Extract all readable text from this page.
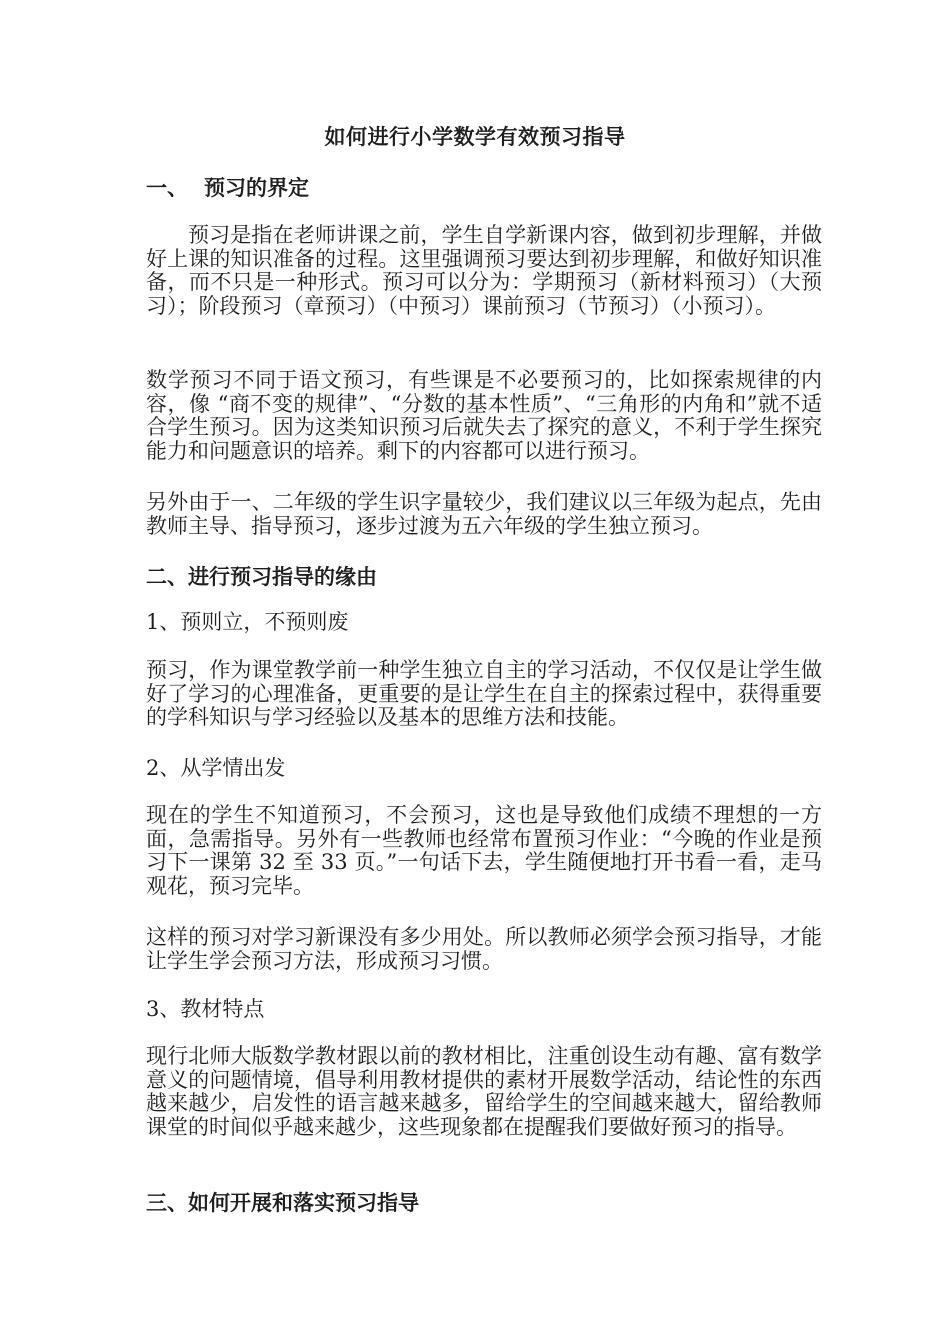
如何进行小学数学有效预习指导
一、 预习的界定
预习是指在老师讲课之前，学生自学新课内容，做到初步理解，并做好上课的知识准备的过程。这里强调预习要达到初步理解，和做好知识准备，而不只是一种形式。预习可以分为：学期预习（新材料预习）（大预习）；阶段预习（章预习）（中预习）课前预习（节预习）（小预习）。
数学预习不同于语文预习，有些课是不必要预习的，比如探索规律的内容，像 “商不变的规律”、“分数的基本性质”、“三角形的内角和”就不适合学生预习。因为这类知识预习后就失去了探究的意义，不利于学生探究能力和问题意识的培养。剩下的内容都可以进行预习。
另外由于一、二年级的学生识字量较少，我们建议以三年级为起点，先由教师主导、指导预习，逐步过渡为五六年级的学生独立预习。
二、进行预习指导的缘由
1、预则立，不预则废
预习，作为课堂教学前一种学生独立自主的学习活动，不仅仅是让学生做好了学习的心理准备，更重要的是让学生在自主的探索过程中，获得重要的学科知识与学习经验以及基本的思维方法和技能。
2、从学情出发
现在的学生不知道预习，不会预习，这也是导致他们成绩不理想的一方面，急需指导。另外有一些教师也经常布置预习作业：“今晚的作业是预习下一课第 32 至 33 页。”一句话下去，学生随便地打开书看一看，走马观花，预习完毕。
这样的预习对学习新课没有多少用处。所以教师必须学会预习指导，才能让学生学会预习方法，形成预习习惯。
3、教材特点
现行北师大版数学教材跟以前的教材相比，注重创设生动有趣、富有数学意义的问题情境，倡导利用教材提供的素材开展数学活动，结论性的东西越来越少，启发性的语言越来越多，留给学生的空间越来越大，留给教师课堂的时间似乎越来越少，这些现象都在提醒我们要做好预习的指导。
三、如何开展和落实预习指导
